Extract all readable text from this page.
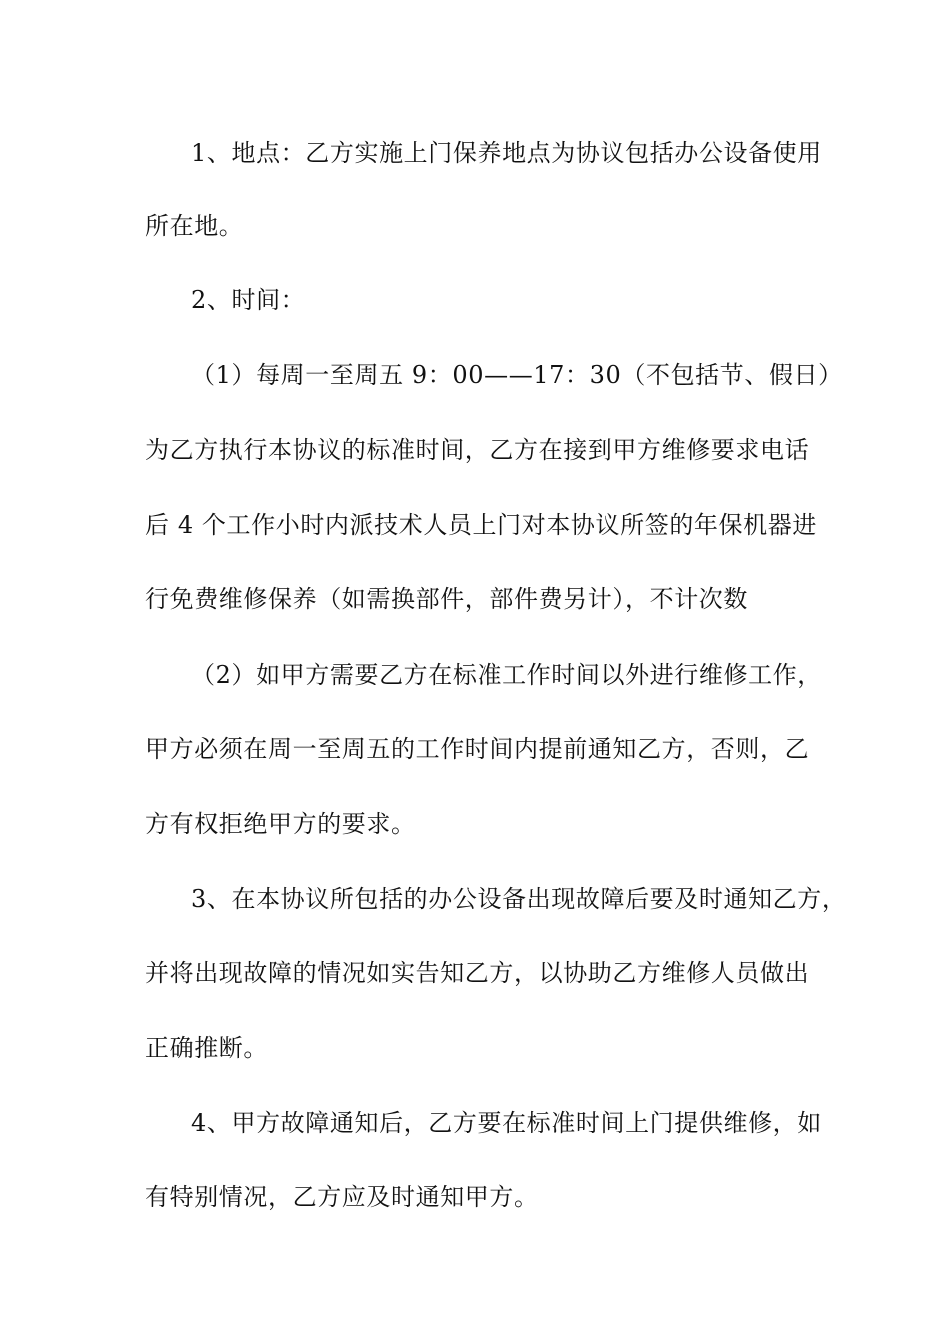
1、地点：乙方实施上门保养地点为协议包括办公设备使用
所在地。
2、时间：
（1）每周一至周五 9：00——17：30（不包括节、假日）
为乙方执行本协议的标准时间，乙方在接到甲方维修要求电话
后 4 个工作小时内派技术人员上门对本协议所签的年保机器进
行免费维修保养（如需换部件，部件费另计），不计次数
（2）如甲方需要乙方在标准工作时间以外进行维修工作，
甲方必须在周一至周五的工作时间内提前通知乙方，否则，乙
方有权拒绝甲方的要求。
3、在本协议所包括的办公设备出现故障后要及时通知乙方，
并将出现故障的情况如实告知乙方，以协助乙方维修人员做出
正确推断。
4、甲方故障通知后，乙方要在标准时间上门提供维修，如
有特别情况，乙方应及时通知甲方。
